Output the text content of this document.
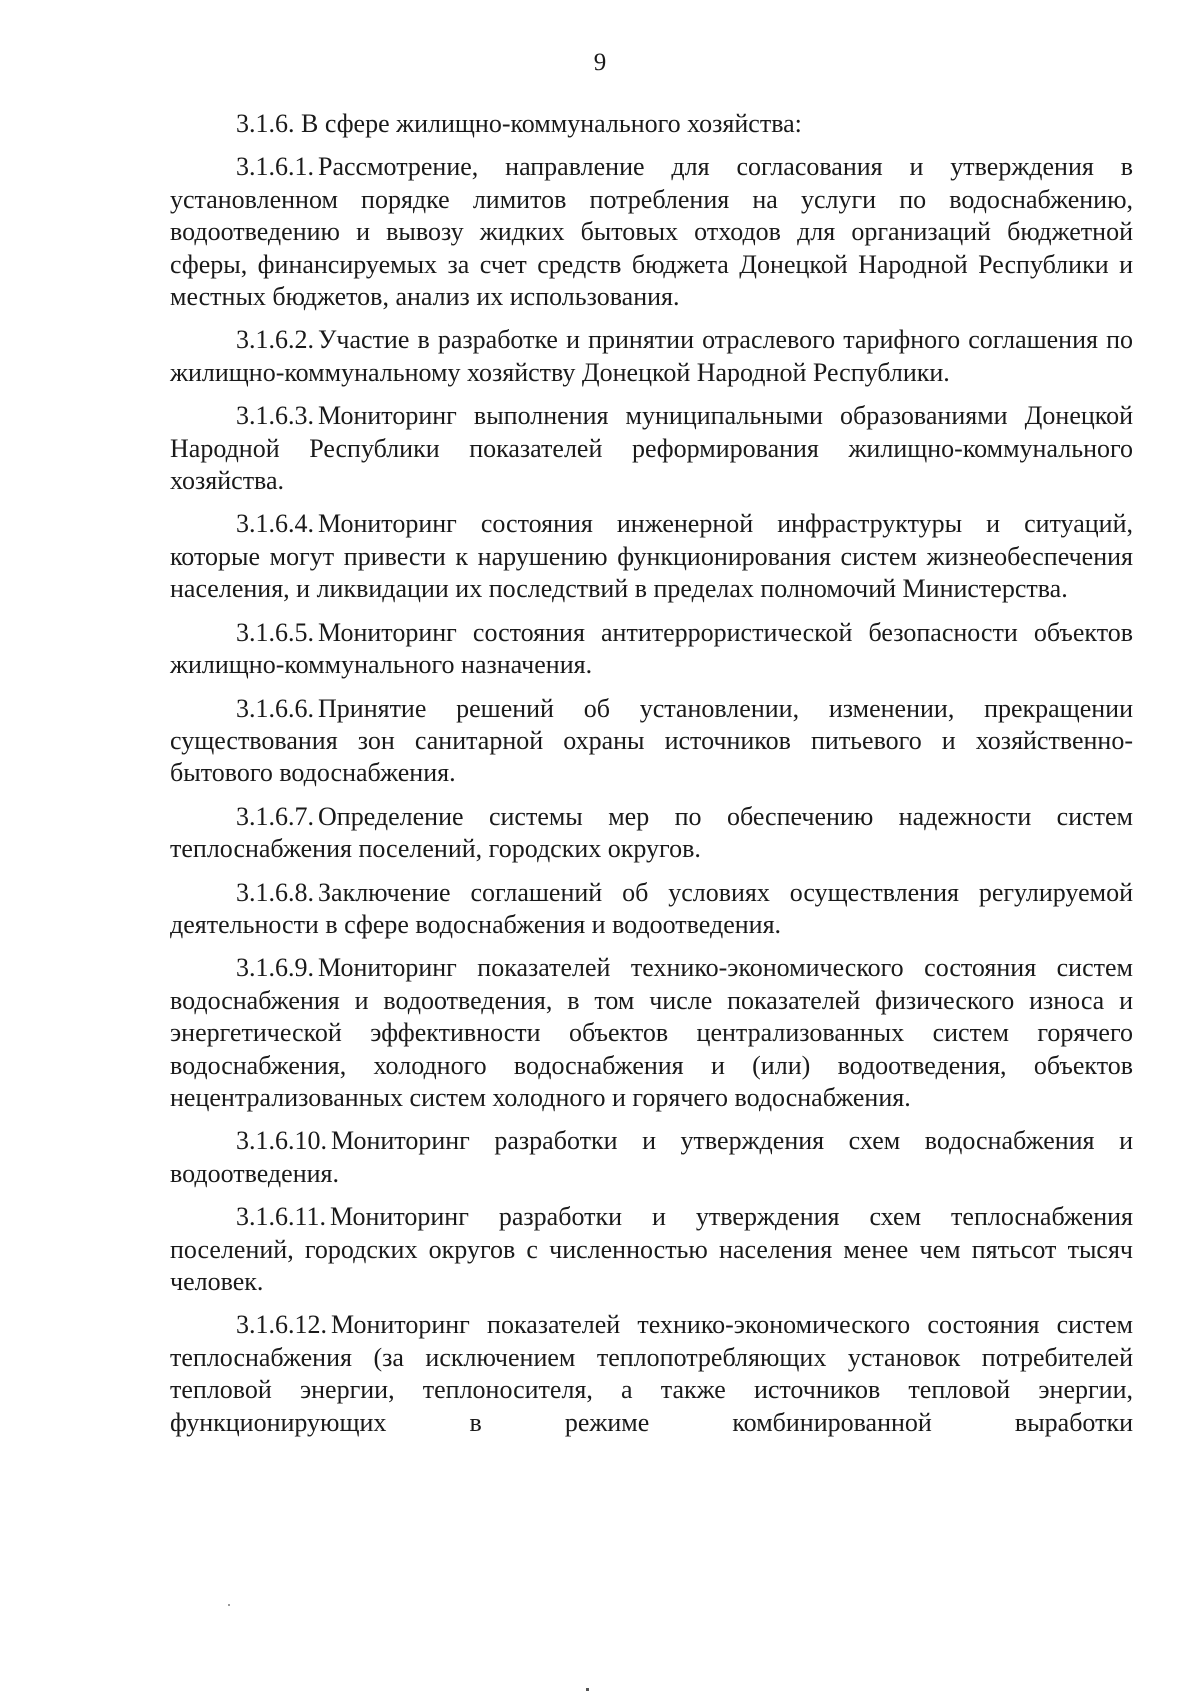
9

3.1.6. В сфере жилищно-коммунального хозяйства:

3.1.6.1. Рассмотрение, направление для согласования и утверждения в установленном порядке лимитов потребления на услуги по водоснабжению, водоотведению и вывозу жидких бытовых отходов для организаций бюджетной сферы, финансируемых за счет средств бюджета Донецкой Народной Республики и местных бюджетов, анализ их использования.

3.1.6.2. Участие в разработке и принятии отраслевого тарифного соглашения по жилищно-коммунальному хозяйству Донецкой Народной Республики.

3.1.6.3. Мониторинг выполнения муниципальными образованиями Донецкой Народной Республики показателей реформирования жилищно-коммунального хозяйства.

3.1.6.4. Мониторинг состояния инженерной инфраструктуры и ситуаций, которые могут привести к нарушению функционирования систем жизнеобеспечения населения, и ликвидации их последствий в пределах полномочий Министерства.

3.1.6.5. Мониторинг состояния антитеррористической безопасности объектов жилищно-коммунального назначения.

3.1.6.6. Принятие решений об установлении, изменении, прекращении существования зон санитарной охраны источников питьевого и хозяйственно-бытового водоснабжения.

3.1.6.7. Определение системы мер по обеспечению надежности систем теплоснабжения поселений, городских округов.

3.1.6.8. Заключение соглашений об условиях осуществления регулируемой деятельности в сфере водоснабжения и водоотведения.

3.1.6.9. Мониторинг показателей технико-экономического состояния систем водоснабжения и водоотведения, в том числе показателей физического износа и энергетической эффективности объектов централизованных систем горячего водоснабжения, холодного водоснабжения и (или) водоотведения, объектов нецентрализованных систем холодного и горячего водоснабжения.

3.1.6.10. Мониторинг разработки и утверждения схем водоснабжения и водоотведения.

3.1.6.11. Мониторинг разработки и утверждения схем теплоснабжения поселений, городских округов с численностью населения менее чем пятьсот тысяч человек.

3.1.6.12. Мониторинг показателей технико-экономического состояния систем теплоснабжения (за исключением теплопотребляющих установок потребителей тепловой энергии, теплоносителя, а также источников тепловой энергии, функционирующих в режиме комбинированной выработки
